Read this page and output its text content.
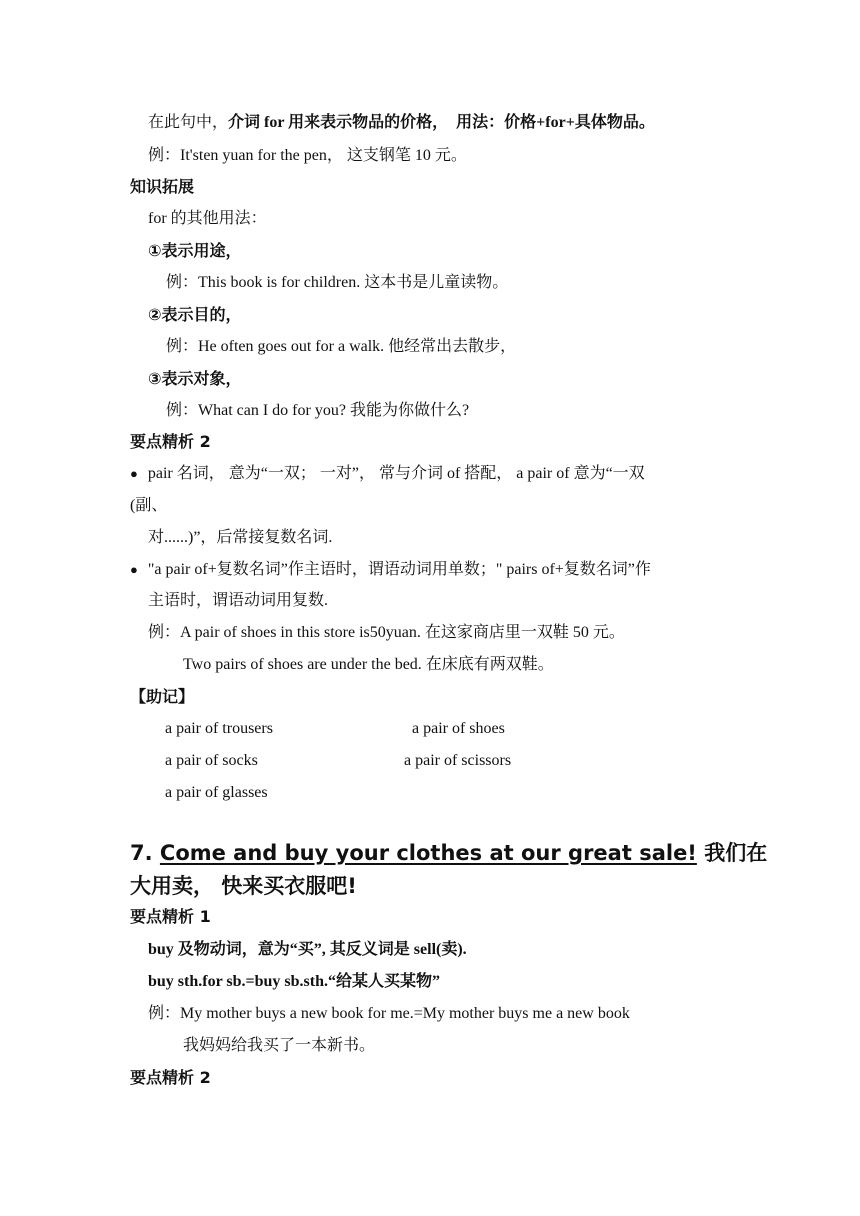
在此句中，介词 for 用来表示物品的价格， 用法：价格+for+具体物品。
例：It'sten yuan for the pen， 这支钢笔 10 元。
知识拓展
for 的其他用法：
①表示用途，
例：This book is for children. 这本书是儿童读物。
②表示目的，
例：He often goes out for a walk. 他经常出去散步，
③表示对象，
例：What can I do for you? 我能为你做什么?
要点精析 2
● pair 名词， 意为“一双； 一对”， 常与介词 of 搭配， a pair of 意为“一双
(副、
对......)”，后常接复数名词.
● "a pair of+复数名词”作主语时，谓语动词用单数；" pairs of+复数名词”作
主语时，谓语动词用复数.
例：A pair of shoes in this store is50yuan. 在这家商店里一双鞋 50 元。
Two pairs of shoes are under the bed. 在床底有两双鞋。
【助记】
a pair of trousers	a pair of shoes
a pair of socks	a pair of scissors
a pair of glasses
7. Come and buy your clothes at our great sale! 我们在
大用卖， 快来买衣服吧!
要点精析 1
buy 及物动词，意为“买”, 其反义词是 sell(卖).
buy sth.for sb.=buy sb.sth.“给某人买某物”
例：My mother buys a new book for me.=My mother buys me a new book
我妈妈给我买了一本新书。
要点精析 2
